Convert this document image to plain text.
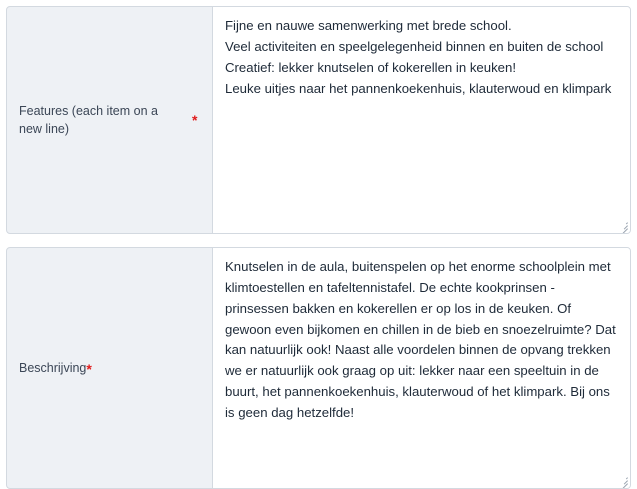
Features (each item on a new line)
*
Fijne en nauwe samenwerking met brede school. Veel activiteiten en speelgelegenheid binnen en buiten de school Creatief: lekker knutselen of kokerellen in keuken! Leuke uitjes naar het pannenkoekenhuis, klauterwoud en klimpark
Beschrijving *
Knutselen in de aula, buitenspelen op het enorme schoolplein met klimtoestellen en tafeltennistafel. De echte kookprinsen - prinsessen bakken en kokerellen er op los in de keuken. Of gewoon even bijkomen en chillen in de bieb en snoezelruimte? Dat kan natuurlijk ook! Naast alle voordelen binnen de opvang trekken we er natuurlijk ook graag op uit: lekker naar een speeltuin in de buurt, het pannenkoekenhuis, klauterwoud of het klimpark. Bij ons is geen dag hetzelfde!
